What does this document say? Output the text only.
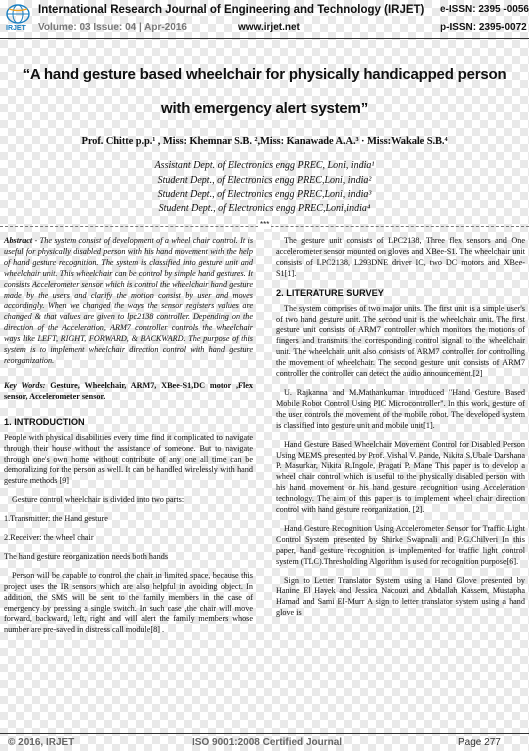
IRJET
International Research Journal of Engineering and Technology (IRJET) e-ISSN: 2395 -0056
Volume: 03 Issue: 04 | Apr-2016	www.irjet.net	p-ISSN: 2395-0072
“A hand gesture based wheelchair for physically handicapped person
with emergency alert system”
Prof. Chitte p.p.¹ , Miss: Khemnar S.B. ²,Miss: Kanawade A.A.³ · Miss:Wakale S.B.⁴
Assistant Dept. of Electronics engg PREC, Loni, india¹
Student Dept., of Electronics engg PREC,Loni, india²
Student Dept., of Electronics engg PREC,Loni, india³
Student Dept., of Electronics engg PREC,Loni,india⁴
***

Abstract - The system consist of development of a wheel chair control. It is useful for physically disabled person with his hand movement with the help of hand gesture recognition. The system is classified into gesture unit and wheelchair unit. This wheelchair can be control by simple hand gestures. It consists Accelerometer sensor which is control the wheelchair hand gesture made by the users and clarify the motion consist by user and moves accordingly. When we changed the ways the sensor registers values are changed & that values are given to lpc2138 controller. Depending on the direction of the Acceleration, ARM7 controller controls the wheelchair ways like LEFT, RIGHT, FORWARD, & BACKWARD. The purpose of this system is to implement wheelchair direction control with hand gesture reorganization.

Key Words: Gesture, Wheelchair, ARM7, XBee-S1,DC motor ,Flex sensor, Accelerometer sensor.

1. INTRODUCTION

People with physical disabilities every time find it complicated to navigate through their house without the assistance of someone. But to navigate through one's own home without contribute of any one all time can be demoralizing for the person as well. It can be handled wirelessly with hand gesture methods [9]

Gesture control wheelchair is divided into two parts:

1.Transmitter: the Hand gesture

2.Receiver: the wheel chair

The hand gesture reorganization needs both hands

Person will be capable to control the chair in limited space, because this project uses the IR sensors which are also helpful in avoiding object. In addition, the SMS will be sent to the family members in the case of emergency by pressing a single switch. In such case ,the chair will move forward, backward, left, right and will alert the family members whose number are pre-saved in distress call module[8] .

The gesture unit consists of LPC2138, Three flex sensors and One accelerometer sensor mounted on gloves and XBee-S1. The wheelchair unit consists of LPC2138, L293DNE driver IC, two DC motors and XBee-S1[1].

2. LITERATURE SURVEY

The system comprises of two major units. The first unit is a simple user's of two hand gesture unit. The second unit is the wheelchair unit. The first gesture unit consists of ARM7 controller which monitors the motions of fingers and transmits the corresponding control signal to the wheelchair unit. The wheelchair unit also consists of ARM7 controller for controlling the movement of wheelchair. The second gesture unit consists of ARM7 controller the controller can detect the audio announcement.[2]

U. Rajkanna and M.Mathankumar introduced "Hand Gesture Based Mobile Robot Control Using PIC Microcontroller". In this work, gesture of the user controls the movement of the mobile robot. The developed system is classified into gesture unit and mobile unit[1].

Hand Gesture Based Wheelchair Movement Control for Disabled Person Using MEMS presented by Prof. Vishal V. Pande, Nikita S.Ubale Darshana P. Masurkar, Nikita R.Ingole, Pragati P. Mane This paper is to develop a wheel chair control which is useful to the physically disabled person with his hand movement or his hand gesture recognition using Acceleration technology. The aim of this paper is to implement wheel chair direction control with hand gesture reorganization. [2].

Hand Gesture Recognition Using Accelerometer Sensor for Traffic Light Control System presented by Shirke Swapnali and P.G.Chilveri In this paper, hand gesture recognition is implemented for traffic light control system (TLC).Thresholding Algorithm is used for recognition purpose[6].

Sign to Letter Translator System using a Hand Glove presented by Hanine El Hayek and Jessica Nacouzi and Abdallah Kassem, Mustapha Hamad and Sami El-Murr A sign to letter translator system using a hand glove is

© 2016, IRJET	ISO 9001:2008 Certified Journal	Page 277
